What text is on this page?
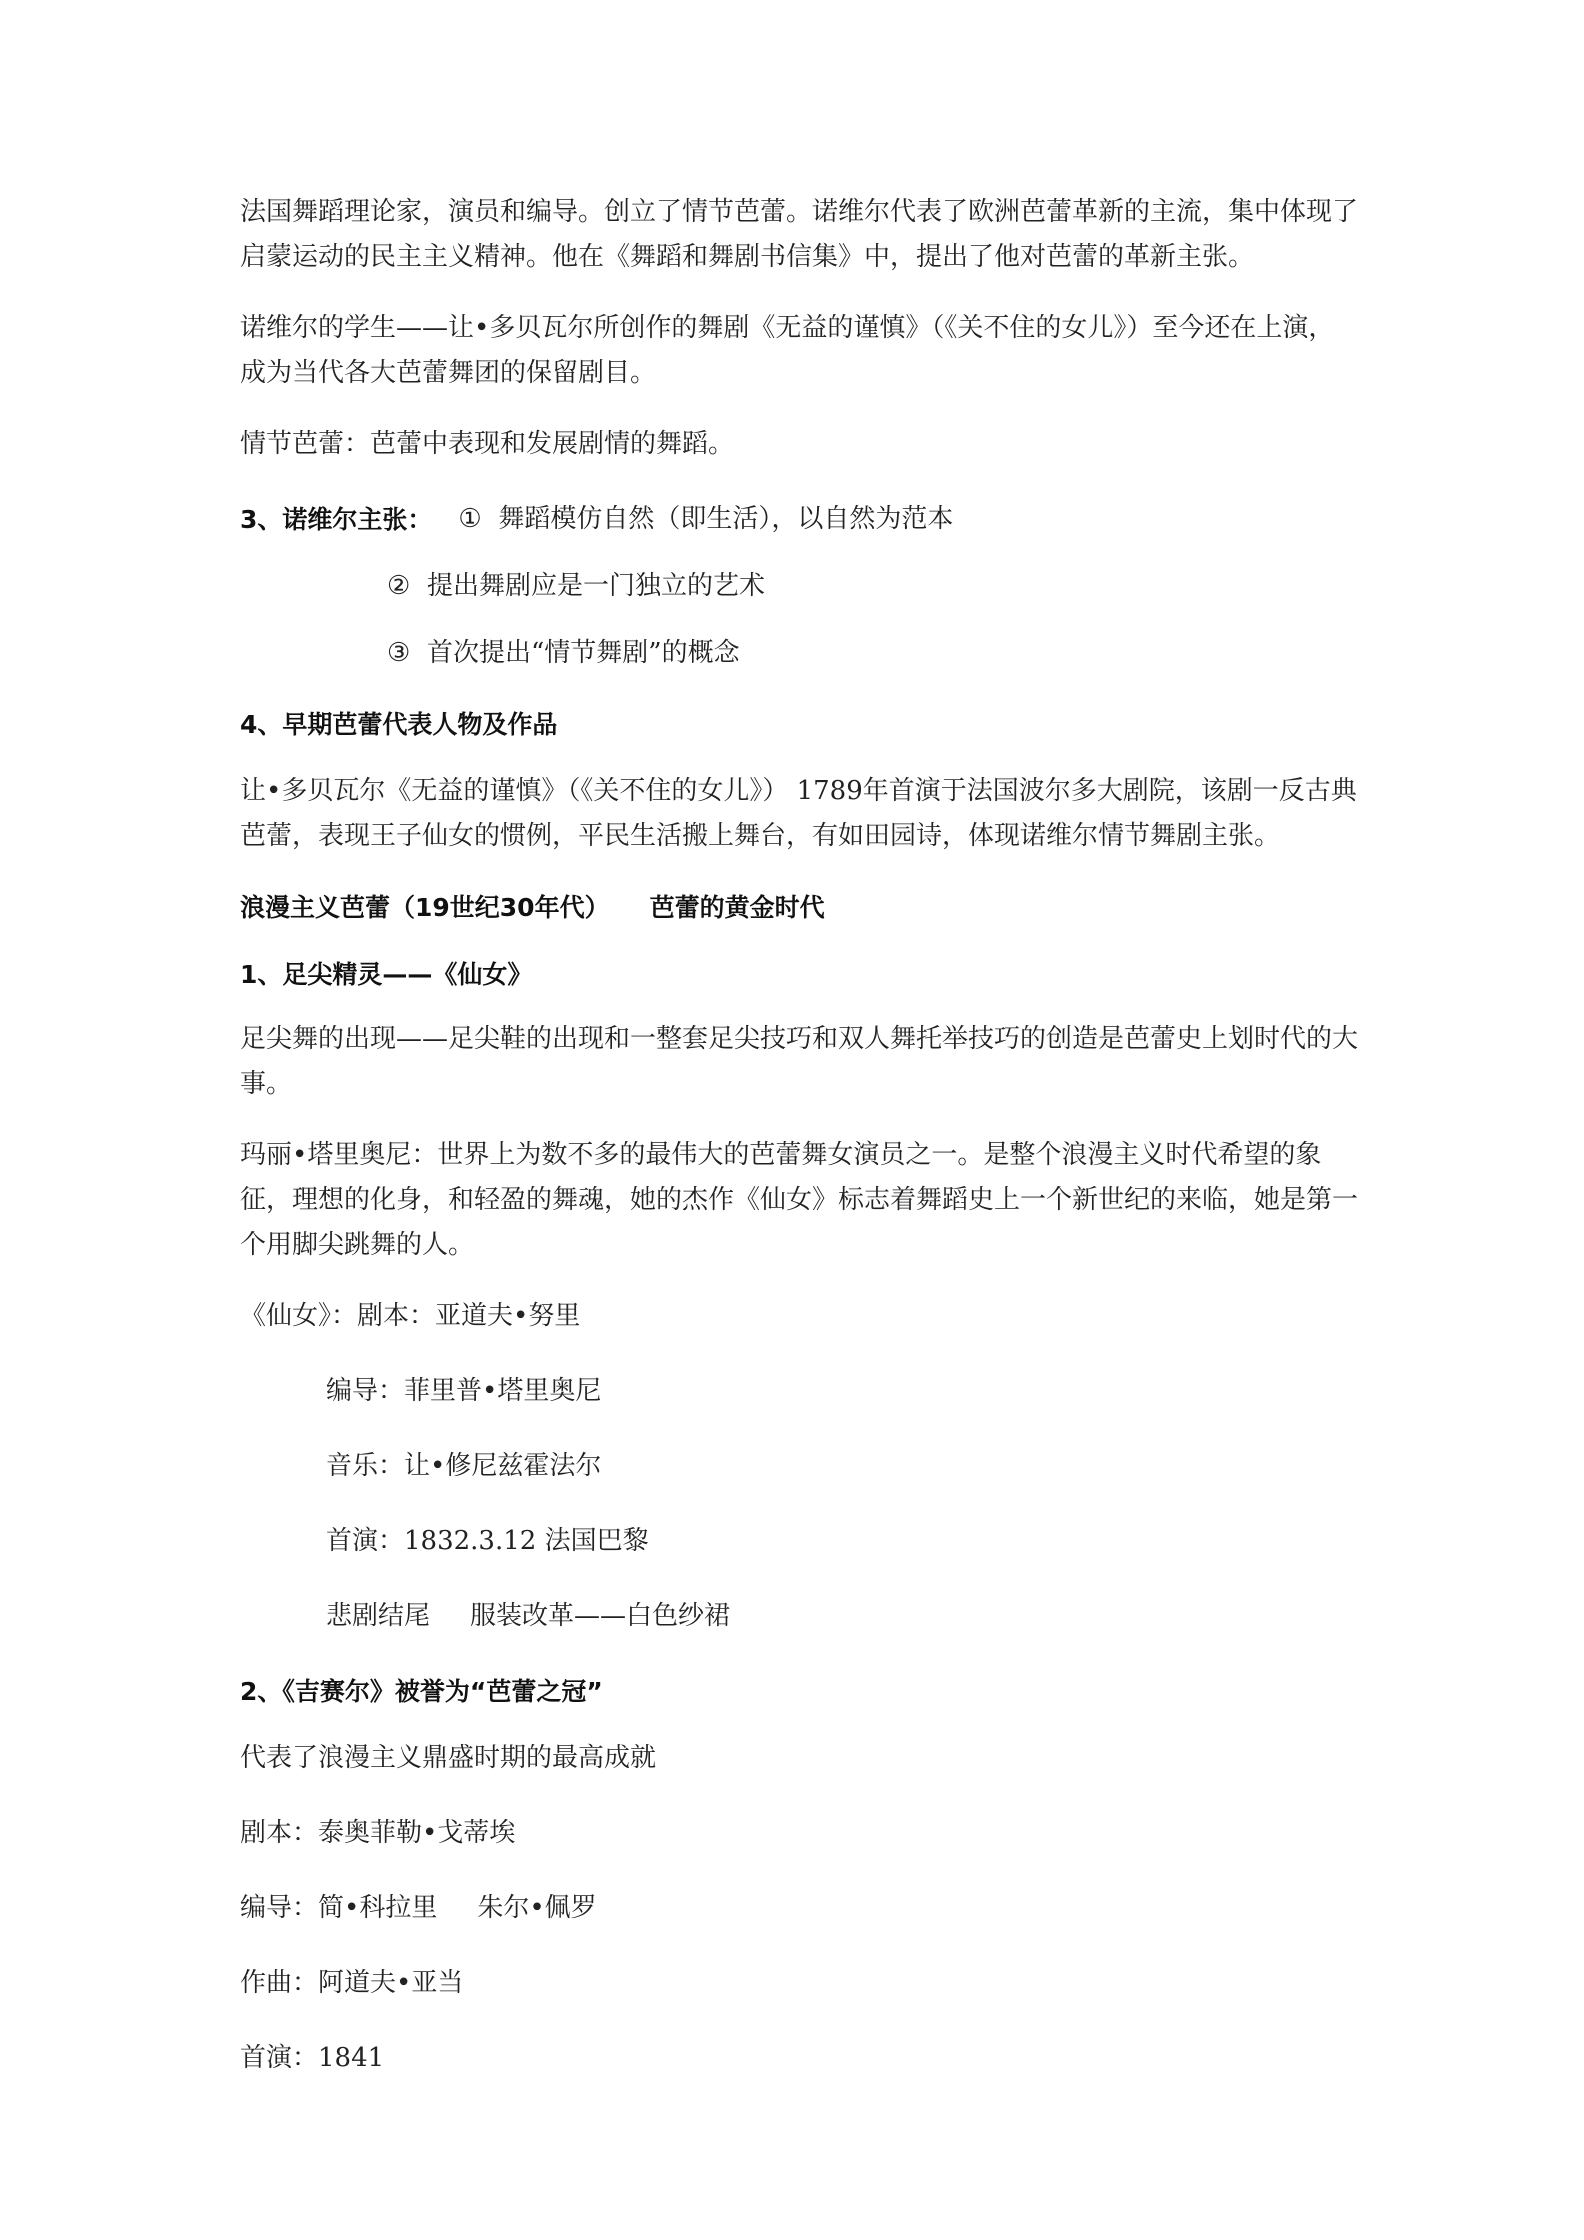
法国舞蹈理论家，演员和编导。创立了情节芭蕾。诺维尔代表了欧洲芭蕾革新的主流，集中体现了启蒙运动的民主主义精神。他在《舞蹈和舞剧书信集》中，提出了他对芭蕾的革新主张。

诺维尔的学生——让•多贝瓦尔所创作的舞剧《无益的谨慎》（《关不住的女儿》）至今还在上演，成为当代各大芭蕾舞团的保留剧目。

情节芭蕾：芭蕾中表现和发展剧情的舞蹈。

3、诺维尔主张： ① 舞蹈模仿自然（即生活），以自然为范本
② 提出舞剧应是一门独立的艺术
③ 首次提出“情节舞剧”的概念

4、早期芭蕾代表人物及作品

让•多贝瓦尔《无益的谨慎》（《关不住的女儿》） 1789年首演于法国波尔多大剧院，该剧一反古典芭蕾，表现王子仙女的惯例，平民生活搬上舞台，有如田园诗，体现诺维尔情节舞剧主张。

浪漫主义芭蕾（19世纪30年代） 芭蕾的黄金时代

1、足尖精灵——《仙女》

足尖舞的出现——足尖鞋的出现和一整套足尖技巧和双人舞托举技巧的创造是芭蕾史上划时代的大事。

玛丽•塔里奥尼：世界上为数不多的最伟大的芭蕾舞女演员之一。是整个浪漫主义时代希望的象征，理想的化身，和轻盈的舞魂，她的杰作《仙女》标志着舞蹈史上一个新世纪的来临，她是第一个用脚尖跳舞的人。

《仙女》：剧本：亚道夫•努里

编导：菲里普•塔里奥尼

音乐：让•修尼兹霍法尔

首演：1832.3.12 法国巴黎

悲剧结尾 服装改革——白色纱裙

2、《吉赛尔》被誉为“芭蕾之冠”

代表了浪漫主义鼎盛时期的最高成就

剧本：泰奥菲勒•戈蒂埃

编导：简•科拉里 朱尔•佩罗

作曲：阿道夫•亚当

首演：1841
